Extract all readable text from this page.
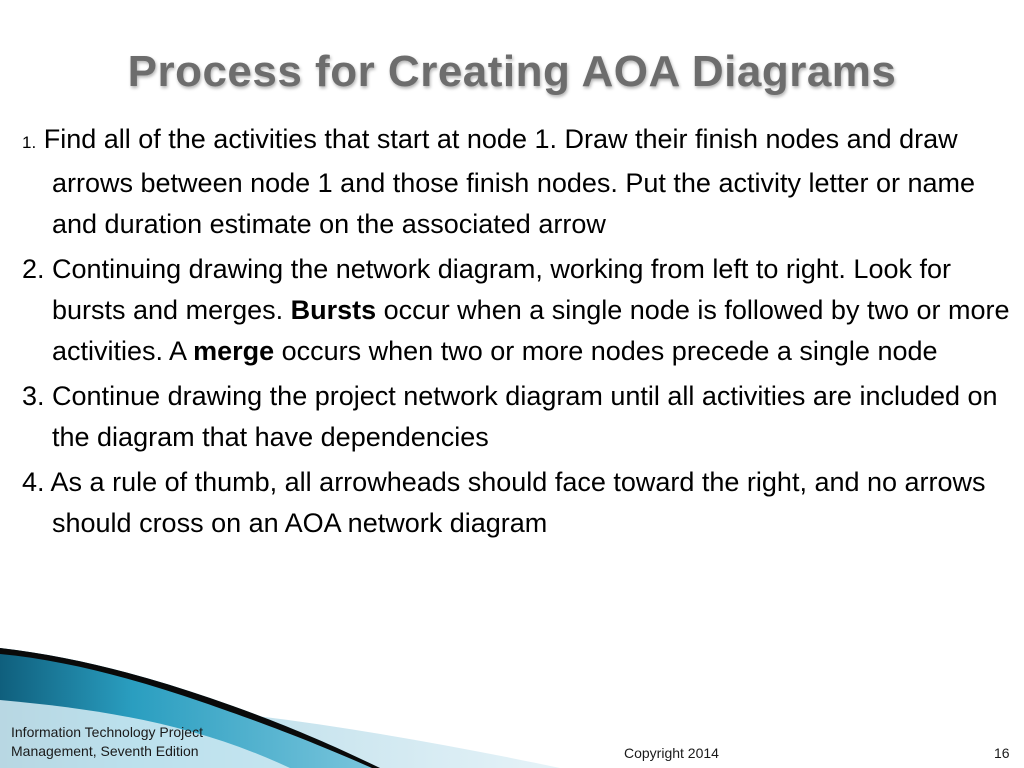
Process for Creating AOA Diagrams
1. Find all of the activities that start at node 1. Draw their finish nodes and draw arrows between node 1 and those finish nodes. Put the activity letter or name and duration estimate on the associated arrow
2. Continuing drawing the network diagram, working from left to right. Look for bursts and merges. Bursts occur when a single node is followed by two or more activities. A merge occurs when two or more nodes precede a single node
3. Continue drawing the project network diagram until all activities are included on the diagram that have dependencies
4. As a rule of thumb, all arrowheads should face toward the right, and no arrows should cross on an AOA network diagram
Information Technology Project Management, Seventh Edition	Copyright 2014	16
